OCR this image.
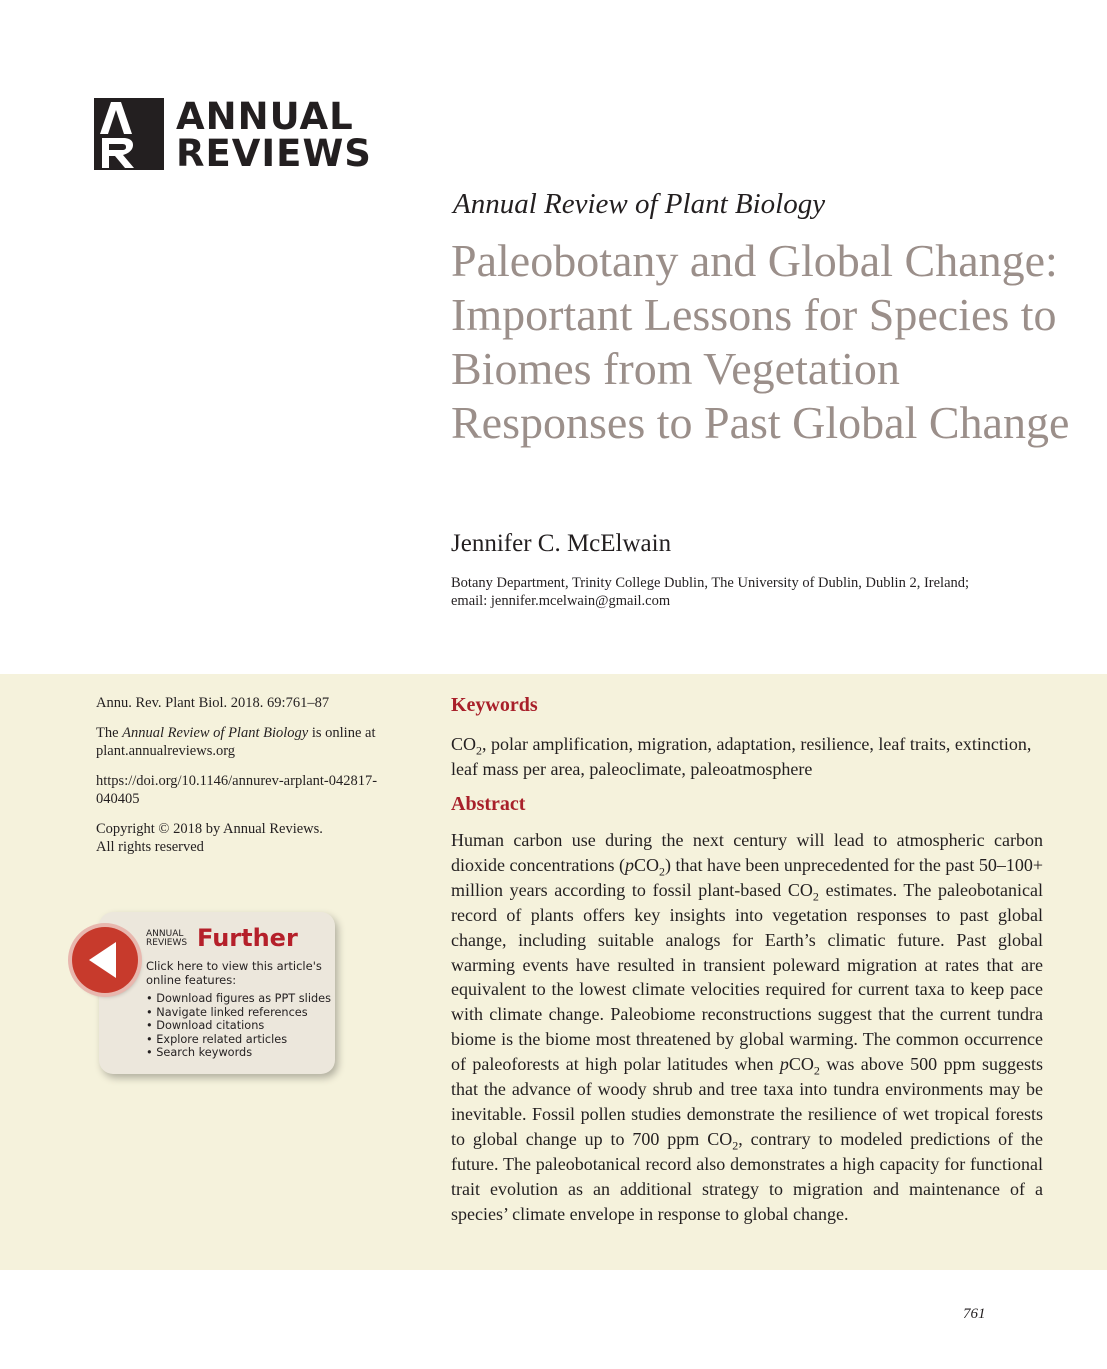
ANNUAL
REVIEWS
Annual Review of Plant Biology
Paleobotany and Global Change: Important Lessons for Species to Biomes from Vegetation Responses to Past Global Change
Jennifer C. McElwain
Botany Department, Trinity College Dublin, The University of Dublin, Dublin 2, Ireland;
email: jennifer.mcelwain@gmail.com

Annu. Rev. Plant Biol. 2018. 69:761–87

The Annual Review of Plant Biology is online at
plant.annualreviews.org

https://doi.org/10.1146/annurev-arplant-042817-
040405

Copyright © 2018 by Annual Reviews.
All rights reserved

ANNUAL
REVIEWS Further
Click here to view this article's online features:
• Download figures as PPT slides
• Navigate linked references
• Download citations
• Explore related articles
• Search keywords
Keywords
$CO_2$, polar amplification, migration, adaptation, resilience, leaf traits, extinction, leaf mass per area, paleoclimate, paleoatmosphere
Abstract
Human carbon use during the next century will lead to atmospheric carbon dioxide concentrations (pCO$_2$) that have been unprecedented for the past 50–100+ million years according to fossil plant-based $CO_2$ estimates. The paleobotanical record of plants offers key insights into vegetation responses to past global change, including suitable analogs for Earth’s climatic future. Past global warming events have resulted in transient poleward migration at rates that are equivalent to the lowest climate velocities required for current taxa to keep pace with climate change. Paleobiome reconstructions suggest that the current tundra biome is the biome most threatened by global warming. The common occurrence of paleoforests at high polar latitudes when pCO$_2$ was above 500 ppm suggests that the advance of woody shrub and tree taxa into tundra environments may be inevitable. Fossil pollen studies demonstrate the resilience of wet tropical forests to global change up to 700 ppm $CO_2$, contrary to modeled predictions of the future. The paleobotanical record also demonstrates a high capacity for functional trait evolution as an additional strategy to migration and maintenance of a species’ climate envelope in response to global change.
761
